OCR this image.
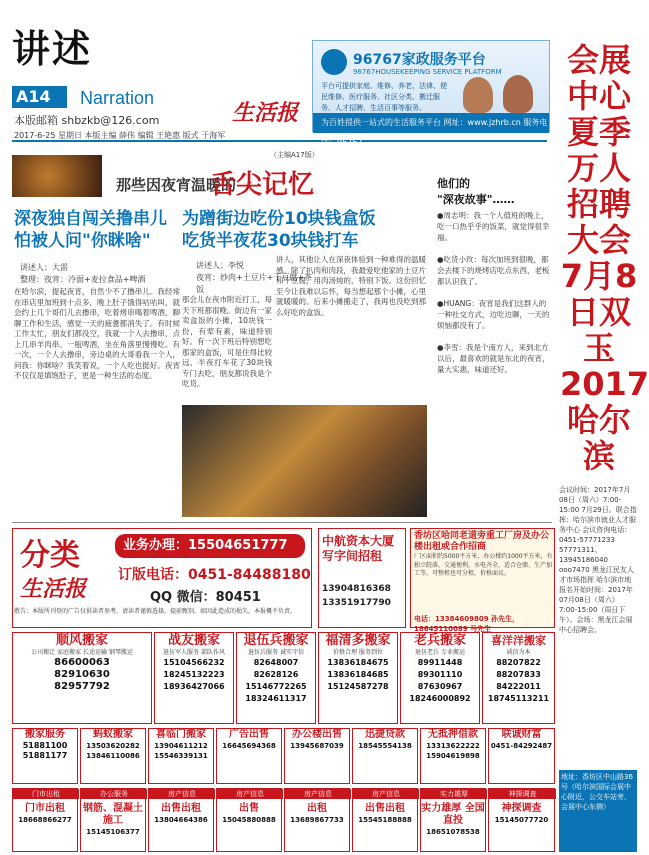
讲述
A14	Narration
本版邮箱 shbzkb@126.com	生活报
2017-6-25 星期日 本版主编 薛伟 编辑 王艳惠 版式 于海军
96767家政服务平台
96767HOUSEKEEPING SERVICE PLATFORM
平台可提供家庭、维修、养老、法律、便民维修、医疗服务、社区分类、搬迁服务、人才招聘、生活百事等服务。
为百姓提供一站式的生活服务平台 网址：www.jzhrb.cn 服务电话：96767
会展中心夏季万人招聘大会7月8日双玉2017哈尔滨
会议时间：2017年7月08日（周六）7:00-15:00 7月29日。联合指挥：哈尔滨市就业人才服务中心 会议咨询电话：0451-57771233 57771311、13945186040 ooo7470 黑龙江民友人才市场指挥 哈尔滨市地 报名开始时间：2017年07月08日（周六）7:00-15:00（周日下午）。会场：黑龙江会展中心招聘会。
地址：香坊区中山路36号（哈尔滨国际会展中心附近，公交车站旁，会展中心东侧）
（主编A17版）
那些因夜宵温暖的
舌尖记忆
深夜独自闯关撸串儿 怕被人问"你眯啥"
讲述人：大雷
整理：夜宵：冷面+麦拉食品+啤酒
在哈尔滨，提起夜宵，自然少不了撸串儿。我经常在串店里加班到十点多，晚上肚子饿得咕咕叫，就会约上几个哥们儿去撸串，吃着烤串喝着啤酒，聊聊工作和生活，感觉一天的疲惫都消失了。有时候工作太忙，朋友们都没空，我就一个人去撸串，点上几串羊肉串、一瓶啤酒，坐在角落里慢慢吃。有一次，一个人去撸串，旁边桌的大哥看我一个人，问我：你眯啥？我笑着说，一个人吃也挺好。夜宵不仅仅是填饱肚子，更是一种生活的态度。
为蹭街边吃份10块钱盒饭 吃货半夜花30块钱打车
讲述人：李悦
夜宵：炒肉+土豆片+干豆腐+茶饭
那会儿在夜市附近打工，每天下班都很晚。街边有一家卖盒饭的小摊，10块钱一份，有荤有素，味道特别好。有一次下班后特别想吃那家的盒饭，可是住得比较远，半夜打车花了30块钱专门去吃，朋友都说我是个吃货。
讲人，其他让人在深夜体验到一种难得的温暖感。除了扒肉和肉段，我最爱吃他家的土豆片和干豆腐，用肉汤炖的，特别下饭。这份回忆至今让我难以忘怀，每当想起那个小摊，心里就暖暖的。后来小摊搬走了，我再也没吃到那么好吃的盒饭。
他们的
"深夜故事"……
●周志明：我一个人值班的晚上，吃一口热乎乎的饭菜，就觉得很幸福。

●吃货小玫：每次加班到很晚，都会去楼下的烧烤店吃点东西，老板都认识我了。

●HUANG：夜宵是我们这群人的一种社交方式，边吃边聊，一天的烦恼都没有了。

●李雪：我是个南方人，来到北方以后，最喜欢的就是东北的夜宵，量大实惠，味道还好。
分类	业务办理：15504651777
生活报
订版电话：0451-84488180
QQ 微信：80451
敬告：本版所刊登的广告仅供读者参考，请读者谨慎选择，提前甄别。如因此造成的损失，本报概不负责。
中航资本大厦写字间招租
13904816368
13351917790
香坊区哈同老道旁重工厂房及办公楼出租或合作招商
厂区面积约5000平方米，办公楼约1000平方米，有独立院落，交通便利，水电齐全，适合仓储、生产加工等。可整租也可分租，价格面议。
电话：13384609809 孙先生，18645110089 马先生
顺风搬家
公司搬迁 家庭搬家 长途运输 钢琴搬运
86600063
82910630
82957792
战友搬家
退伍军人服务 部队作风
15104566232
18245132223
18936427066
退伍兵搬家
退伍兵服务 诚实守信
82648007
82628126
15146772265
18324611317
福清多搬家
价格合理 服务到位
13836184675
13836184685
15124587278
老兵搬家
退伍老兵 专业搬运
89911448
89301110
87630967
18246000892
喜洋洋搬家
诚信为本
88207822
88207833
84222011
18745113211
搬家服务
51881100
51881177
蚂蚁搬家
13503620282
13846110086
喜临门搬家
13904611212
15546339131
广告出售
16645694368
办公楼出售
13945687039
迅捷贷款
18545554138
无抵押借款
13313622222
15904619898
联诚财富
0451-84292487
门市出租
门市出租
18668866277
办公服务
钢筋、混凝土施工
15145106377
房产信息
出售出租
13804664386
房产信息
出售
15045880888
房产信息
出租
13689867733
房产信息
出售出租
15545188888
实力雄厚
实力雄厚 全国直投
18651078538
神探调查
神探调查
15145077720
